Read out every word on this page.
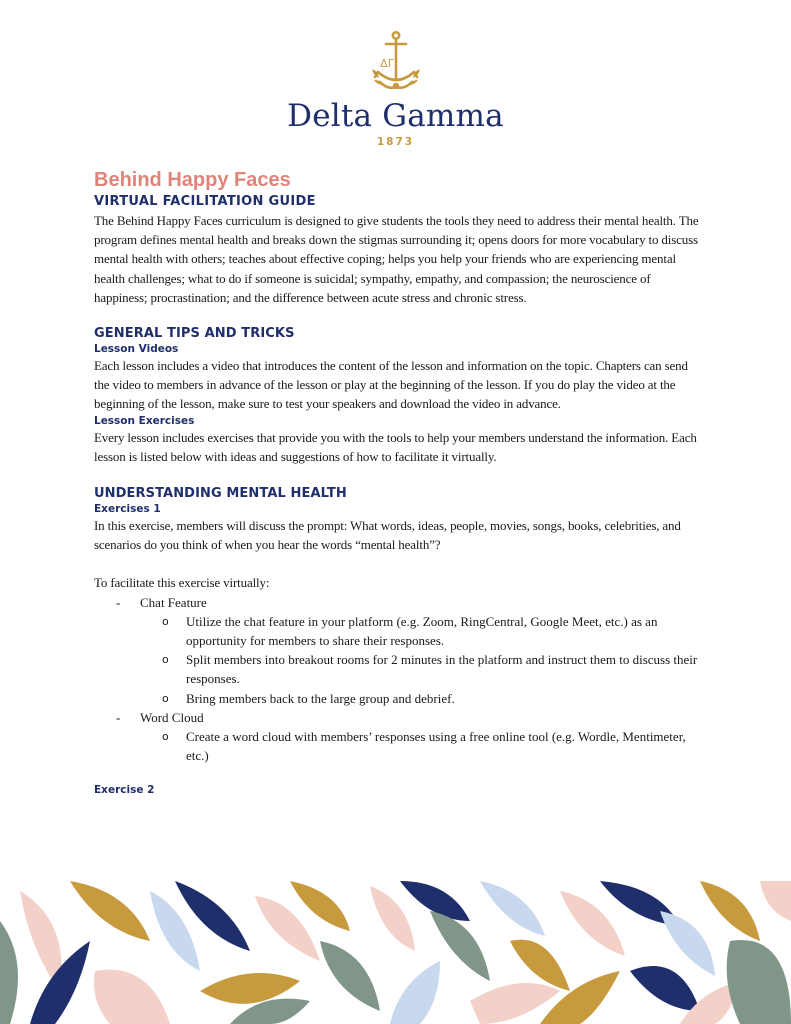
ΔΓ
Delta Gamma
1873
Behind Happy Faces
VIRTUAL FACILITATION GUIDE

The Behind Happy Faces curriculum is designed to give students the tools they need to address their mental health. The program defines mental health and breaks down the stigmas surrounding it; opens doors for more vocabulary to discuss mental health with others; teaches about effective coping; helps you help your friends who are experiencing mental health challenges; what to do if someone is suicidal; sympathy, empathy, and compassion; the neuroscience of happiness; procrastination; and the difference between acute stress and chronic stress.

GENERAL TIPS AND TRICKS
Lesson Videos

Each lesson includes a video that introduces the content of the lesson and information on the topic. Chapters can send the video to members in advance of the lesson or play at the beginning of the lesson. If you do play the video at the beginning of the lesson, make sure to test your speakers and download the video in advance.

Lesson Exercises

Every lesson includes exercises that provide you with the tools to help your members understand the information. Each lesson is listed below with ideas and suggestions of how to facilitate it virtually.

UNDERSTANDING MENTAL HEALTH
Exercises 1

In this exercise, members will discuss the prompt: What words, ideas, people, movies, songs, books, celebrities, and scenarios do you think of when you hear the words “mental health”?

To facilitate this exercise virtually:

- Chat Feature
o Utilize the chat feature in your platform (e.g. Zoom, RingCentral, Google Meet, etc.) as an opportunity for members to share their responses.
o Split members into breakout rooms for 2 minutes in the platform and instruct them to discuss their responses.
o Bring members back to the large group and debrief.
- Word Cloud
o Create a word cloud with members’ responses using a free online tool (e.g. Wordle, Mentimeter, etc.)
Exercise 2
